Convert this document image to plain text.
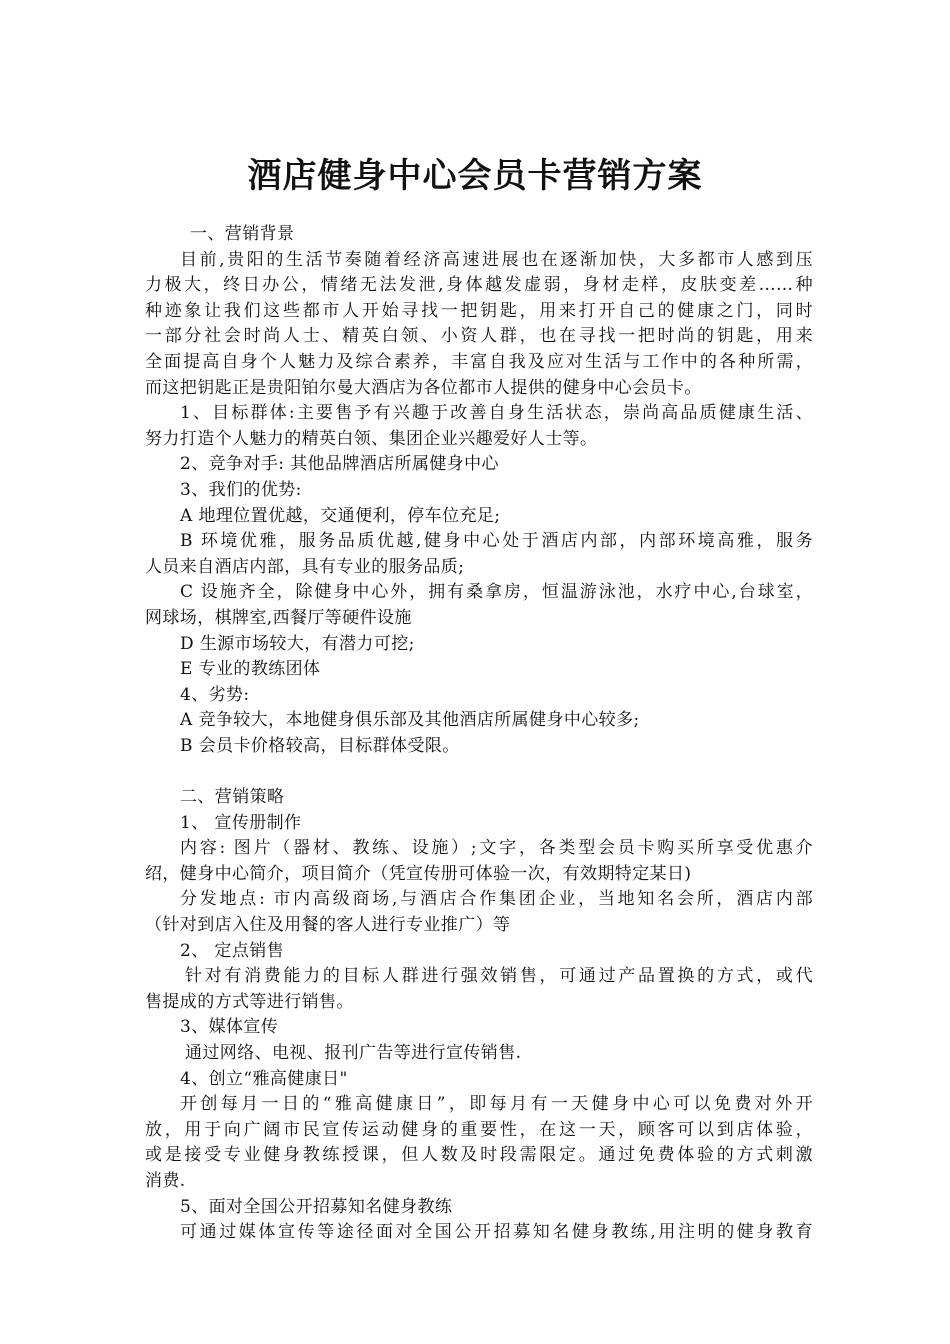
酒店健身中心会员卡营销方案
一、营销背景
目前,贵阳的生活节奏随着经济高速进展也在逐渐加快，大多都市人感到压
力极大，终日办公，情绪无法发泄,身体越发虚弱，身材走样，皮肤变差……种
种迹象让我们这些都市人开始寻找一把钥匙，用来打开自己的健康之门，同时
一部分社会时尚人士、精英白领、小资人群，也在寻找一把时尚的钥匙，用来
全面提高自身个人魅力及综合素养，丰富自我及应对生活与工作中的各种所需，
而这把钥匙正是贵阳铂尔曼大酒店为各位都市人提供的健身中心会员卡。
1、目标群体:主要售予有兴趣于改善自身生活状态，崇尚高品质健康生活、
努力打造个人魅力的精英白领、集团企业兴趣爱好人士等。
2、竞争对手: 其他品牌酒店所属健身中心
3、我们的优势:
A 地理位置优越，交通便利，停车位充足;
B 环境优雅，服务品质优越,健身中心处于酒店内部，内部环境高雅，服务
人员来自酒店内部，具有专业的服务品质;
C 设施齐全，除健身中心外，拥有桑拿房，恒温游泳池，水疗中心,台球室，
网球场，棋牌室,西餐厅等硬件设施
D 生源市场较大，有潜力可挖;
E 专业的教练团体
4、劣势:
A 竞争较大，本地健身俱乐部及其他酒店所属健身中心较多;
B 会员卡价格较高，目标群体受限。
二、营销策略
1、 宣传册制作
内容: 图片（器材、教练、设施）;文字，各类型会员卡购买所享受优惠介
绍，健身中心简介，项目简介（凭宣传册可体验一次，有效期特定某日)
分发地点: 市内高级商场,与酒店合作集团企业，当地知名会所，酒店内部
（针对到店入住及用餐的客人进行专业推广）等
2、 定点销售
针对有消费能力的目标人群进行强效销售，可通过产品置换的方式，或代
售提成的方式等进行销售。
3、媒体宣传
通过网络、电视、报刊广告等进行宣传销售.
4、创立“雅高健康日"
开创每月一日的“雅高健康日”，即每月有一天健身中心可以免费对外开
放，用于向广阔市民宣传运动健身的重要性，在这一天，顾客可以到店体验，
或是接受专业健身教练授课，但人数及时段需限定。通过免费体验的方式刺激
消费.
5、面对全国公开招募知名健身教练
可通过媒体宣传等途径面对全国公开招募知名健身教练,用注明的健身教育
